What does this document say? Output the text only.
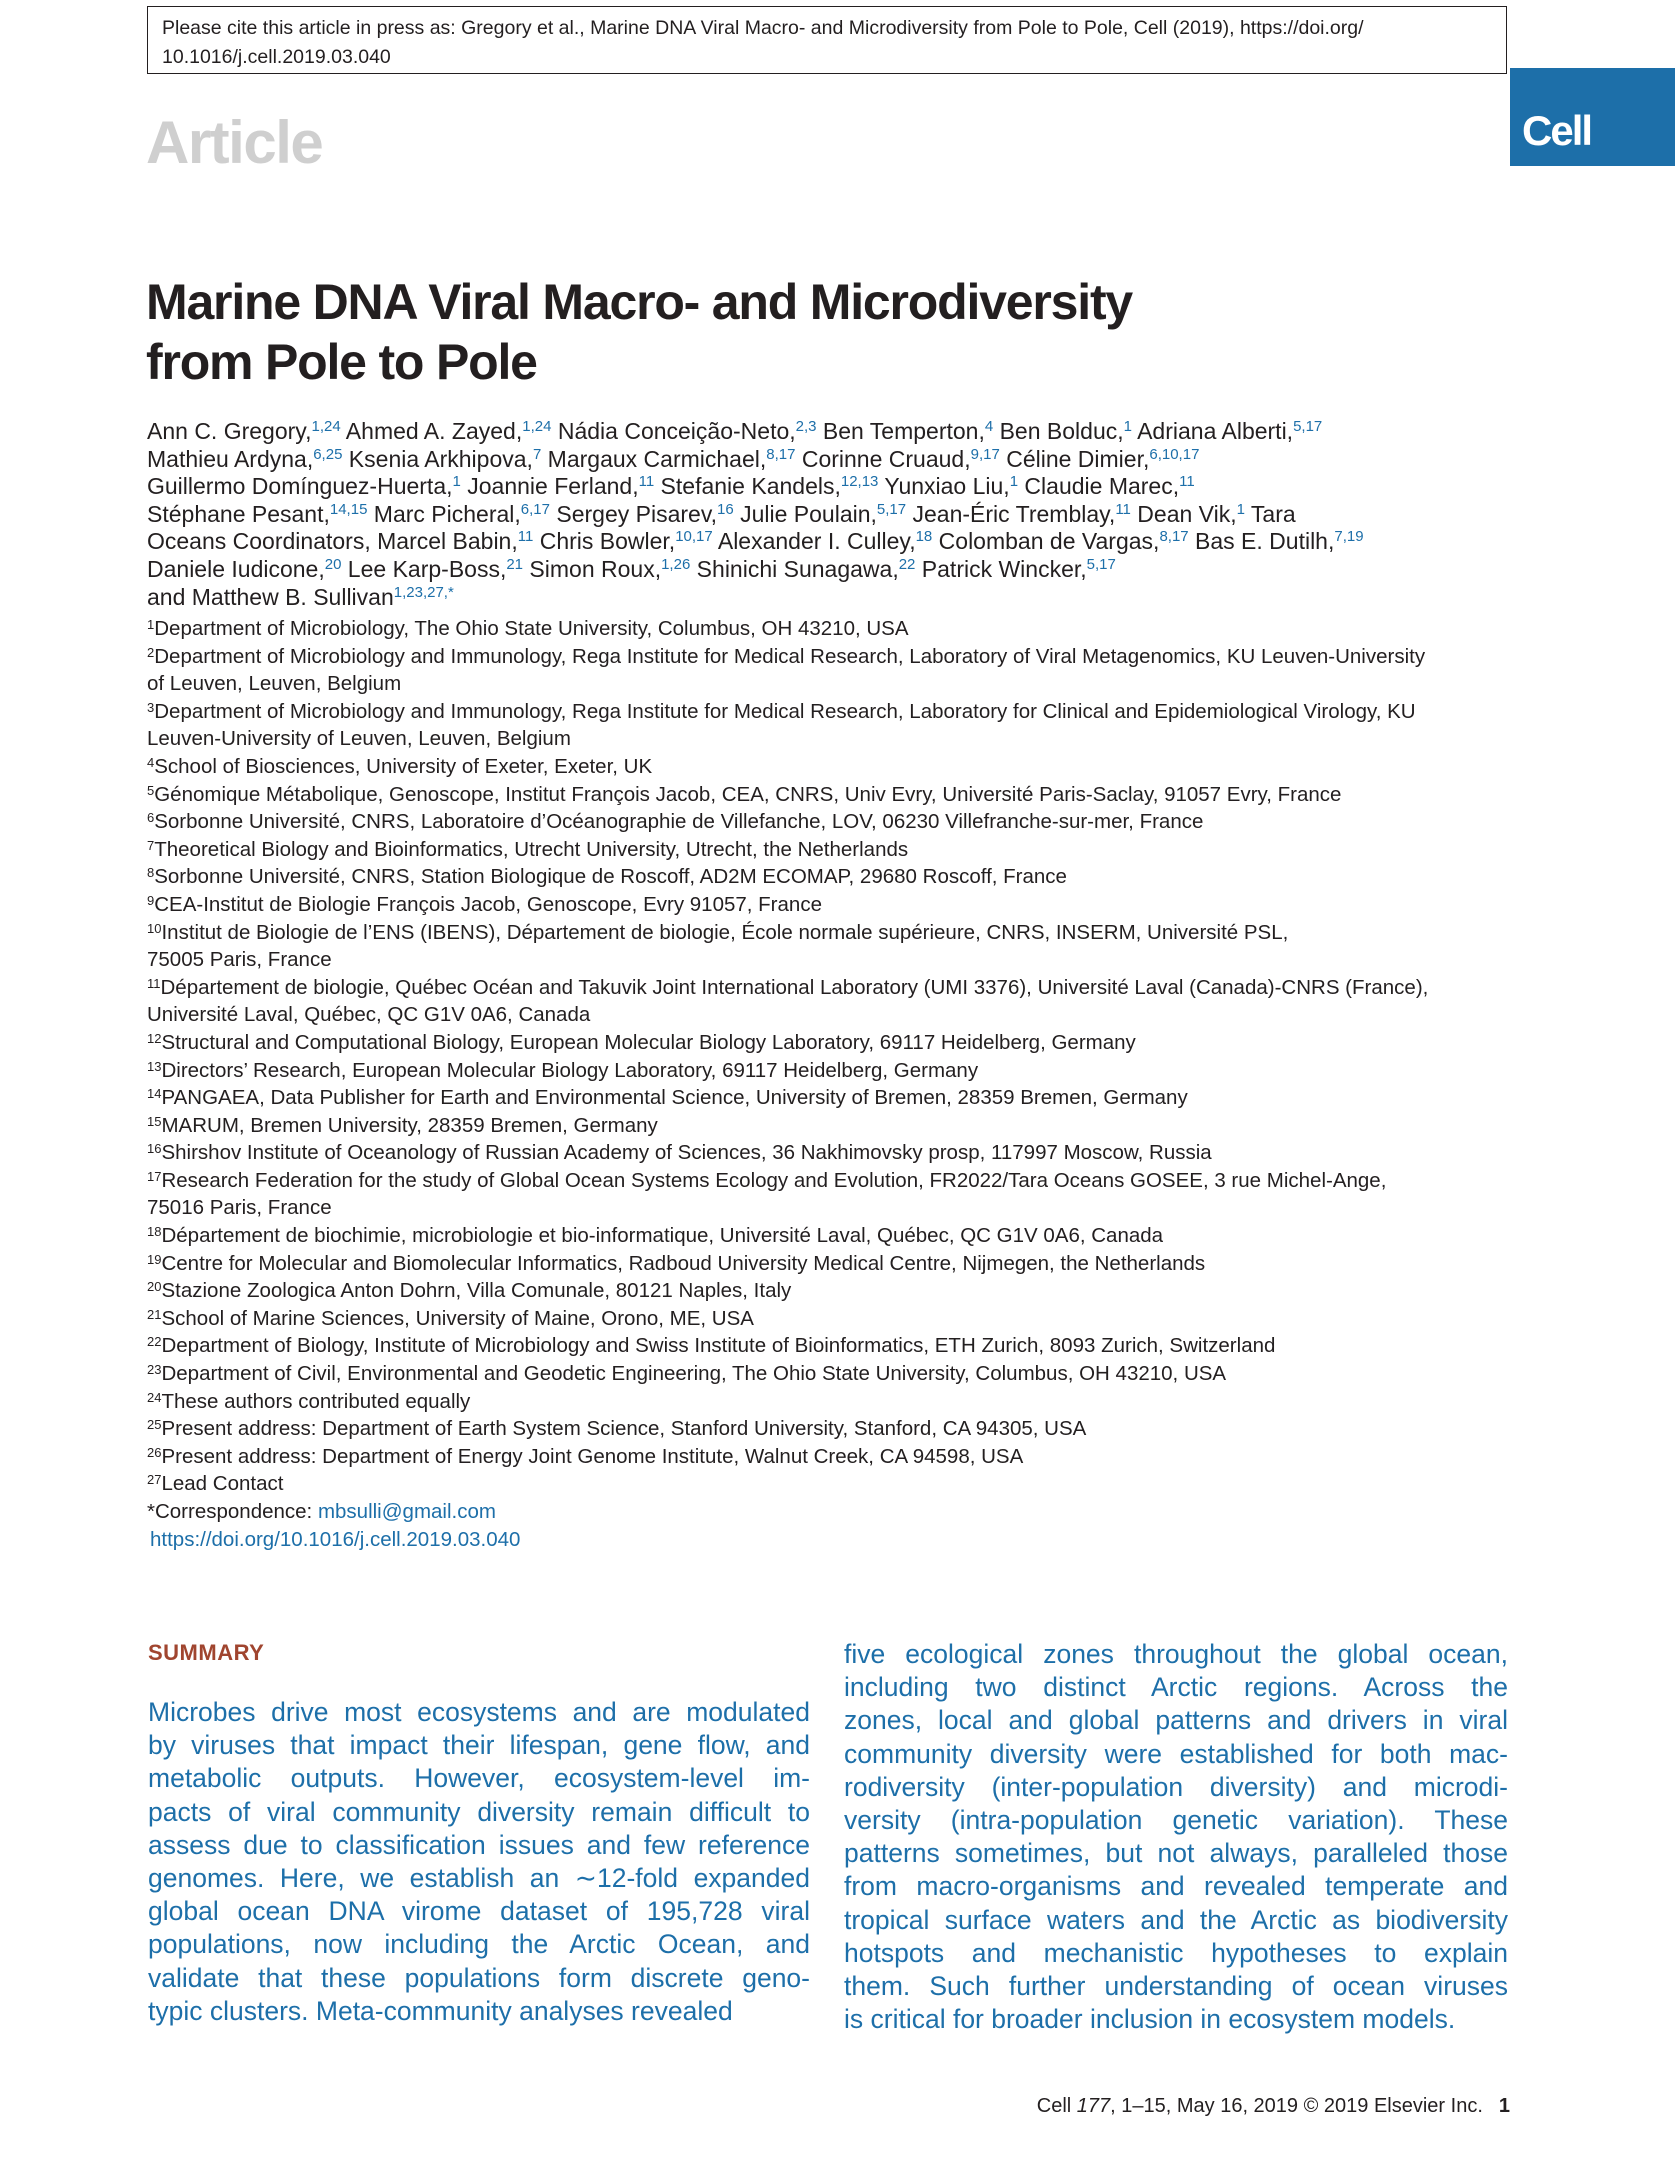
Please cite this article in press as: Gregory et al., Marine DNA Viral Macro- and Microdiversity from Pole to Pole, Cell (2019), https://doi.org/
10.1016/j.cell.2019.03.040
Article	Cell
Marine DNA Viral Macro- and Microdiversity
from Pole to Pole
Ann C. Gregory,$^{1,24}$ Ahmed A. Zayed,$^{1,24}$ Nádia Conceição-Neto,$^{2,3}$ Ben Temperton,$^4$ Ben Bolduc,$^1$ Adriana Alberti,$^{5,17}$
Mathieu Ardyna,$^{6,25}$ Ksenia Arkhipova,$^7$ Margaux Carmichael,$^{8,17}$ Corinne Cruaud,$^{9,17}$ Céline Dimier,$^{6,10,17}$
Guillermo Domínguez-Huerta,$^1$ Joannie Ferland,$^{11}$ Stefanie Kandels,$^{12,13}$ Yunxiao Liu,$^1$ Claudie Marec,$^{11}$
Stéphane Pesant,$^{14,15}$ Marc Picheral,$^{6,17}$ Sergey Pisarev,$^{16}$ Julie Poulain,$^{5,17}$ Jean-Éric Tremblay,$^{11}$ Dean Vik,$^1$ Tara
Oceans Coordinators, Marcel Babin,$^{11}$ Chris Bowler,$^{10,17}$ Alexander I. Culley,$^{18}$ Colomban de Vargas,$^{8,17}$ Bas E. Dutilh,$^{7,19}$
Daniele Iudicone,$^{20}$ Lee Karp-Boss,$^{21}$ Simon Roux,$^{1,26}$ Shinichi Sunagawa,$^{22}$ Patrick Wincker,$^{5,17}$
and Matthew B. Sullivan$^{1,23,27,*}$
$^1$Department of Microbiology, The Ohio State University, Columbus, OH 43210, USA
$^2$Department of Microbiology and Immunology, Rega Institute for Medical Research, Laboratory of Viral Metagenomics, KU Leuven-University
of Leuven, Leuven, Belgium
$^3$Department of Microbiology and Immunology, Rega Institute for Medical Research, Laboratory for Clinical and Epidemiological Virology, KU
Leuven-University of Leuven, Leuven, Belgium
$^4$School of Biosciences, University of Exeter, Exeter, UK
$^5$Génomique Métabolique, Genoscope, Institut François Jacob, CEA, CNRS, Univ Evry, Université Paris-Saclay, 91057 Evry, France
$^6$Sorbonne Université, CNRS, Laboratoire d’Océanographie de Villefanche, LOV, 06230 Villefranche-sur-mer, France
$^7$Theoretical Biology and Bioinformatics, Utrecht University, Utrecht, the Netherlands
$^8$Sorbonne Université, CNRS, Station Biologique de Roscoff, AD2M ECOMAP, 29680 Roscoff, France
$^9$CEA-Institut de Biologie François Jacob, Genoscope, Evry 91057, France
$^{10}$Institut de Biologie de l’ENS (IBENS), Département de biologie, École normale supérieure, CNRS, INSERM, Université PSL,
75005 Paris, France
$^{11}$Département de biologie, Québec Océan and Takuvik Joint International Laboratory (UMI 3376), Université Laval (Canada)-CNRS (France),
Université Laval, Québec, QC G1V 0A6, Canada
$^{12}$Structural and Computational Biology, European Molecular Biology Laboratory, 69117 Heidelberg, Germany
$^{13}$Directors’ Research, European Molecular Biology Laboratory, 69117 Heidelberg, Germany
$^{14}$PANGAEA, Data Publisher for Earth and Environmental Science, University of Bremen, 28359 Bremen, Germany
$^{15}$MARUM, Bremen University, 28359 Bremen, Germany
$^{16}$Shirshov Institute of Oceanology of Russian Academy of Sciences, 36 Nakhimovsky prosp, 117997 Moscow, Russia
$^{17}$Research Federation for the study of Global Ocean Systems Ecology and Evolution, FR2022/Tara Oceans GOSEE, 3 rue Michel-Ange,
75016 Paris, France
$^{18}$Département de biochimie, microbiologie et bio-informatique, Université Laval, Québec, QC G1V 0A6, Canada
$^{19}$Centre for Molecular and Biomolecular Informatics, Radboud University Medical Centre, Nijmegen, the Netherlands
$^{20}$Stazione Zoologica Anton Dohrn, Villa Comunale, 80121 Naples, Italy
$^{21}$School of Marine Sciences, University of Maine, Orono, ME, USA
$^{22}$Department of Biology, Institute of Microbiology and Swiss Institute of Bioinformatics, ETH Zurich, 8093 Zurich, Switzerland
$^{23}$Department of Civil, Environmental and Geodetic Engineering, The Ohio State University, Columbus, OH 43210, USA
$^{24}$These authors contributed equally
$^{25}$Present address: Department of Earth System Science, Stanford University, Stanford, CA 94305, USA
$^{26}$Present address: Department of Energy Joint Genome Institute, Walnut Creek, CA 94598, USA
$^{27}$Lead Contact
*Correspondence: mbsulli@gmail.com
https://doi.org/10.1016/j.cell.2019.03.040
SUMMARY
Microbes drive most ecosystems and are modulated
by viruses that impact their lifespan, gene flow, and
metabolic outputs. However, ecosystem-level im-
pacts of viral community diversity remain difficult to
assess due to classification issues and few reference
genomes. Here, we establish an ∼12-fold expanded
global ocean DNA virome dataset of 195,728 viral
populations, now including the Arctic Ocean, and
validate that these populations form discrete geno-
typic clusters. Meta-community analyses revealed
five ecological zones throughout the global ocean,
including two distinct Arctic regions. Across the
zones, local and global patterns and drivers in viral
community diversity were established for both mac-
rodiversity (inter-population diversity) and microdi-
versity (intra-population genetic variation). These
patterns sometimes, but not always, paralleled those
from macro-organisms and revealed temperate and
tropical surface waters and the Arctic as biodiversity
hotspots and mechanistic hypotheses to explain
them. Such further understanding of ocean viruses
is critical for broader inclusion in ecosystem models.
Cell 177, 1–15, May 16, 2019 © 2019 Elsevier Inc. 1
